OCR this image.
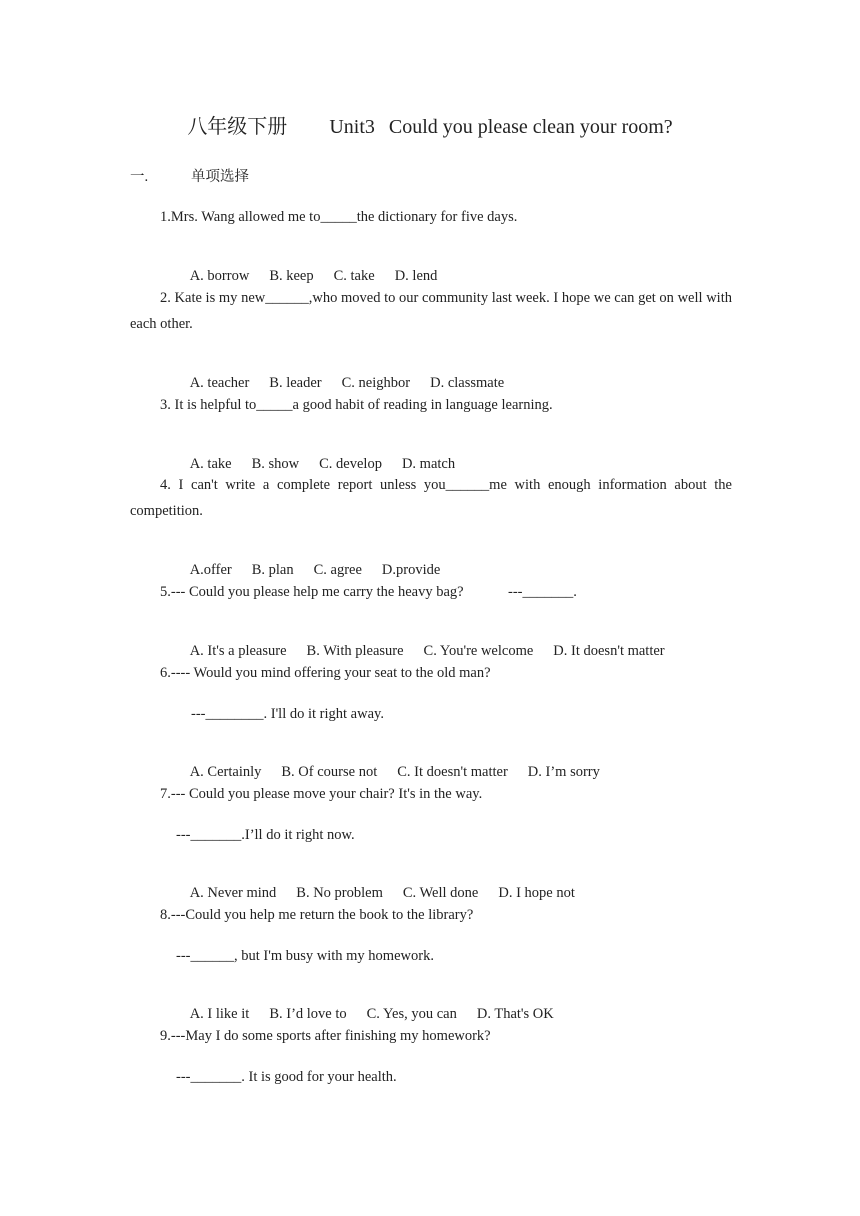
八年级下册 Unit3 Could you please clean your room?
一.	单项选择
1.Mrs. Wang allowed me to_____the dictionary for five days.

A. borrow B. keep C. take D. lend

2. Kate is my new______,who moved to our community last week. I hope we can get on well with each other.

A. teacher B. leader C. neighbor D. classmate

3. It is helpful to_____a good habit of reading in language learning.

A. take B. show C. develop D. match

4. I can't write a complete report unless you______me with enough information about the competition.

A.offer B. plan C. agree D.provide

5.--- Could you please help me carry the heavy bag?	---_______.

A. It's a pleasure B. With pleasure C. You're welcome D. It doesn't matter

6.---- Would you mind offering your seat to the old man?
---________. I'll do it right away.

A. Certainly B. Of course not C. It doesn't matter D. I’m sorry

7.--- Could you please move your chair? It's in the way.
---_______.I’ll do it right now.

A. Never mind B. No problem C. Well done D. I hope not

8.---Could you help me return the book to the library?
---______, but I'm busy with my homework.

A. I like it B. I’d love to C. Yes, you can D. That's OK

9.---May I do some sports after finishing my homework?
---_______. It is good for your health.
